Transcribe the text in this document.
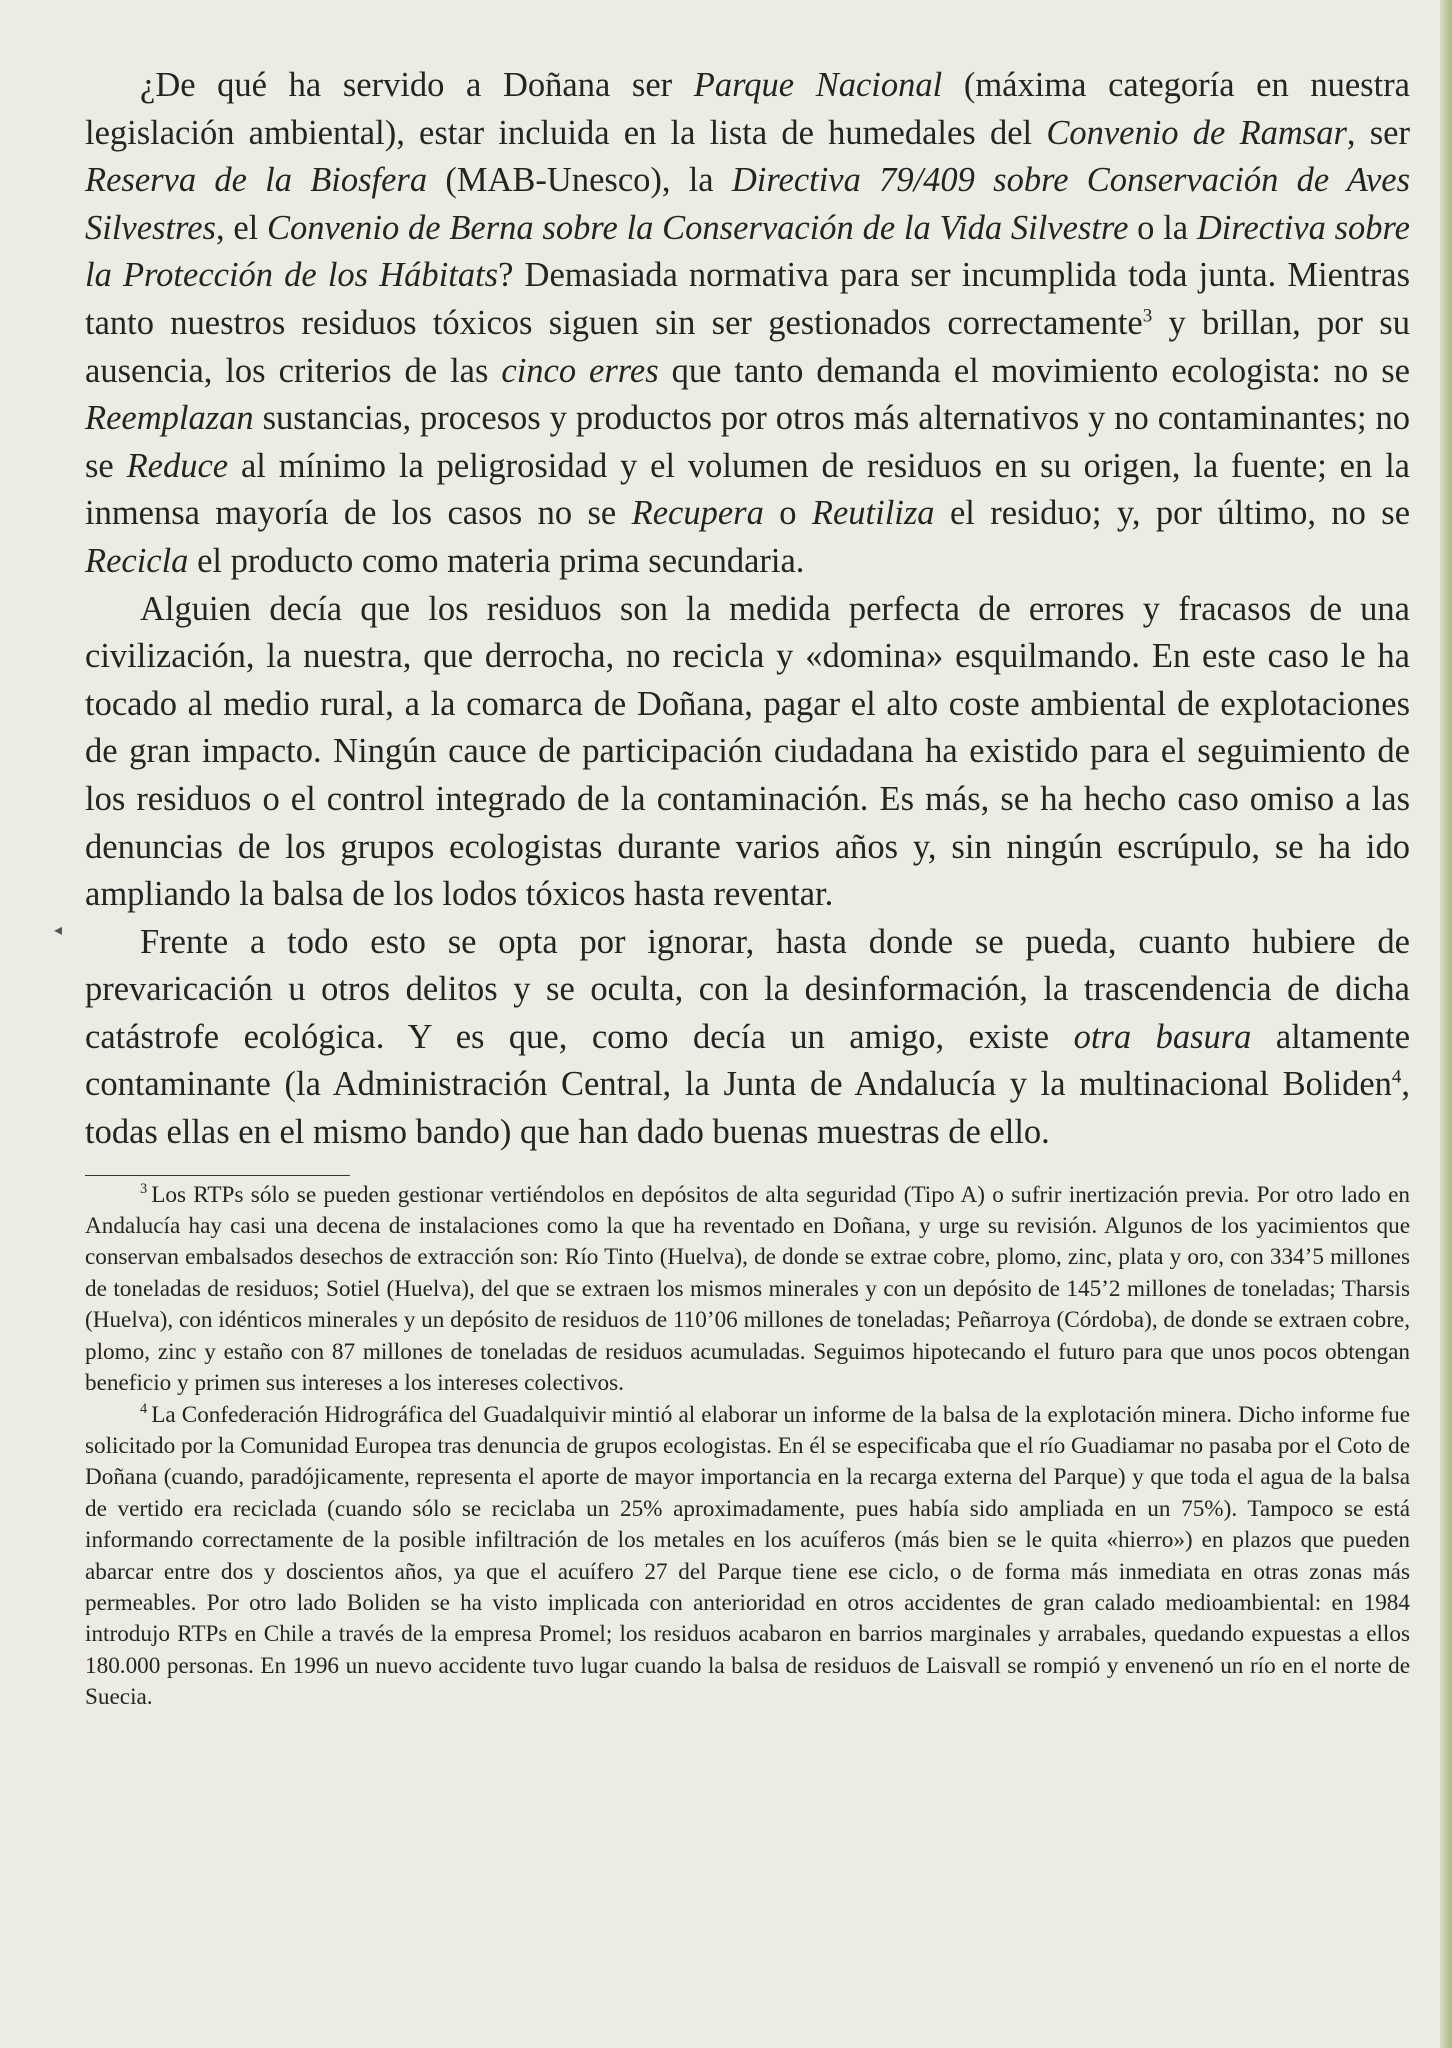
◂

¿De qué ha servido a Doñana ser Parque Nacional (máxima categoría en nuestra legislación ambiental), estar incluida en la lista de humedales del Convenio de Ramsar, ser Reserva de la Biosfera (MAB-Unesco), la Directiva 79/409 sobre Conservación de Aves Silvestres, el Convenio de Berna sobre la Conservación de la Vida Silvestre o la Directiva sobre la Protección de los Hábitats? Demasiada normativa para ser incumplida toda junta. Mientras tanto nuestros residuos tóxicos siguen sin ser gestionados correctamente$^3$ y brillan, por su ausencia, los criterios de las cinco erres que tanto demanda el movimiento ecologista: no se Reemplazan sustancias, procesos y productos por otros más alternativos y no contaminantes; no se Reduce al mínimo la peligrosidad y el volumen de residuos en su origen, la fuente; en la inmensa mayoría de los casos no se Recupera o Reutiliza el residuo; y, por último, no se Recicla el producto como materia prima secundaria.

Alguien decía que los residuos son la medida perfecta de errores y fracasos de una civilización, la nuestra, que derrocha, no recicla y «domina» esquilmando. En este caso le ha tocado al medio rural, a la comarca de Doñana, pagar el alto coste ambiental de explotaciones de gran impacto. Ningún cauce de participación ciudadana ha existido para el seguimiento de los residuos o el control integrado de la contaminación. Es más, se ha hecho caso omiso a las denuncias de los grupos ecologistas durante varios años y, sin ningún escrúpulo, se ha ido ampliando la balsa de los lodos tóxicos hasta reventar.

Frente a todo esto se opta por ignorar, hasta donde se pueda, cuanto hubiere de prevaricación u otros delitos y se oculta, con la desinformación, la trascendencia de dicha catástrofe ecológica. Y es que, como decía un amigo, existe otra basura altamente contaminante (la Administración Central, la Junta de Andalucía y la multinacional Boliden$^4$, todas ellas en el mismo bando) que han dado buenas muestras de ello.

$^3$ Los RTPs sólo se pueden gestionar vertiéndolos en depósitos de alta seguridad (Tipo A) o sufrir inertización previa. Por otro lado en Andalucía hay casi una decena de instalaciones como la que ha reventado en Doñana, y urge su revisión. Algunos de los yacimientos que conservan embalsados desechos de extracción son: Río Tinto (Huelva), de donde se extrae cobre, plomo, zinc, plata y oro, con 334’5 millones de toneladas de residuos; Sotiel (Huelva), del que se extraen los mismos minerales y con un depósito de 145’2 millones de toneladas; Tharsis (Huelva), con idénticos minerales y un depósito de residuos de 110’06 millones de toneladas; Peñarroya (Córdoba), de donde se extraen cobre, plomo, zinc y estaño con 87 millones de toneladas de residuos acumuladas. Seguimos hipotecando el futuro para que unos pocos obtengan beneficio y primen sus intereses a los intereses colectivos.

$^4$ La Confederación Hidrográfica del Guadalquivir mintió al elaborar un informe de la balsa de la explotación minera. Dicho informe fue solicitado por la Comunidad Europea tras denuncia de grupos ecologistas. En él se especificaba que el río Guadiamar no pasaba por el Coto de Doñana (cuando, paradójicamente, representa el aporte de mayor importancia en la recarga externa del Parque) y que toda el agua de la balsa de vertido era reciclada (cuando sólo se reciclaba un 25% aproximadamente, pues había sido ampliada en un 75%). Tampoco se está informando correctamente de la posible infiltración de los metales en los acuíferos (más bien se le quita «hierro») en plazos que pueden abarcar entre dos y doscientos años, ya que el acuífero 27 del Parque tiene ese ciclo, o de forma más inmediata en otras zonas más permeables. Por otro lado Boliden se ha visto implicada con anterioridad en otros accidentes de gran calado medioambiental: en 1984 introdujo RTPs en Chile a través de la empresa Promel; los residuos acabaron en barrios marginales y arrabales, quedando expuestas a ellos 180.000 personas. En 1996 un nuevo accidente tuvo lugar cuando la balsa de residuos de Laisvall se rompió y envenenó un río en el norte de Suecia.
